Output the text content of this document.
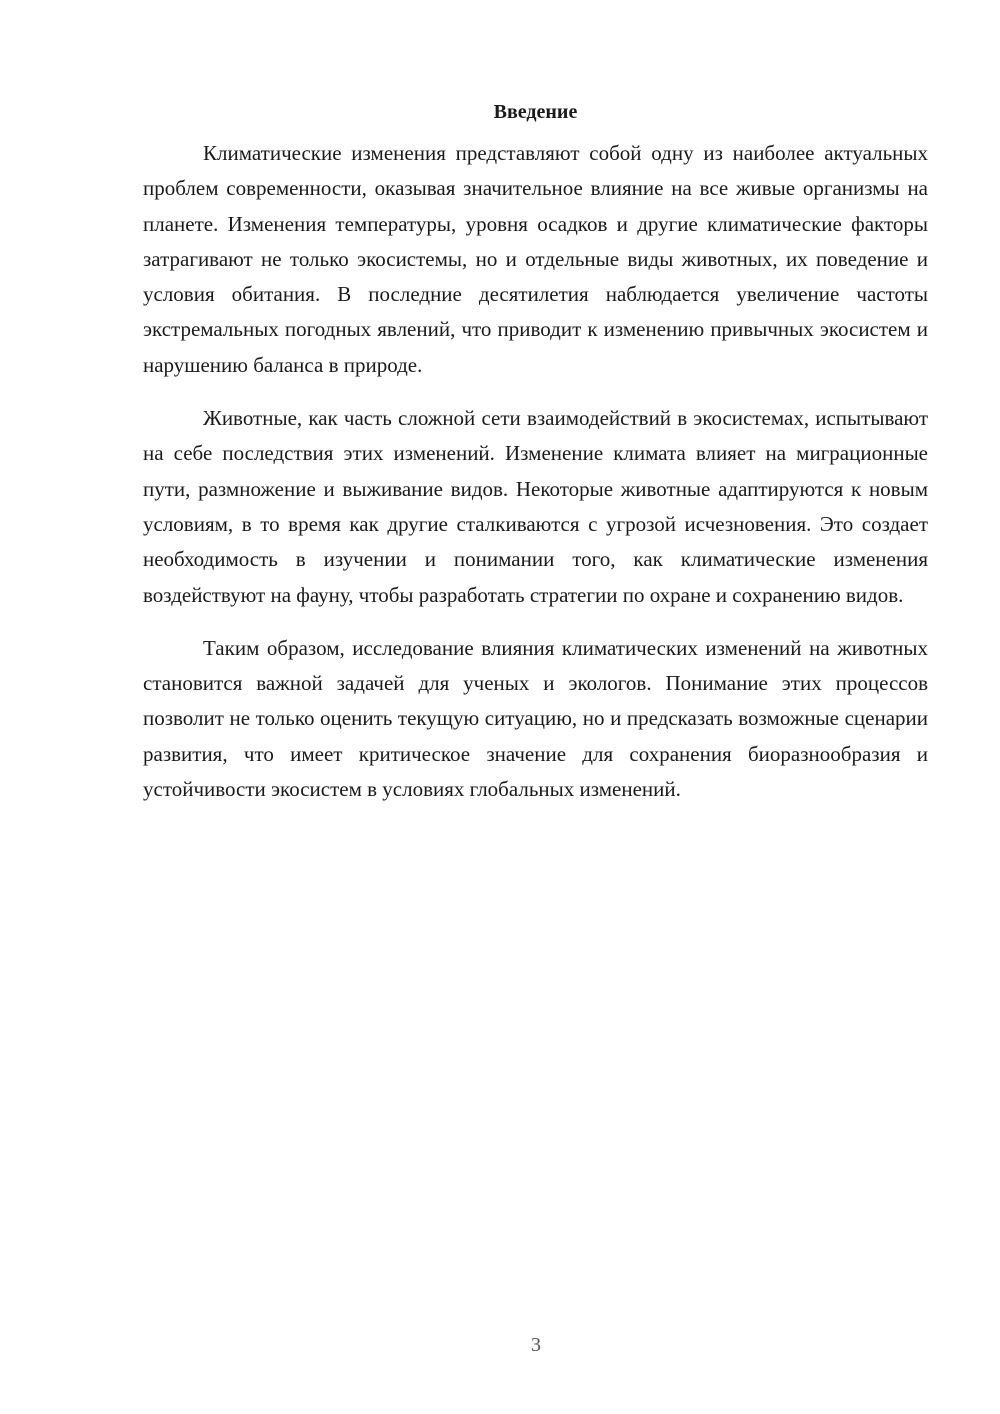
Введение

Климатические изменения представляют собой одну из наиболее актуальных проблем современности, оказывая значительное влияние на все живые организмы на планете. Изменения температуры, уровня осадков и другие климатические факторы затрагивают не только экосистемы, но и отдельные виды животных, их поведение и условия обитания. В последние десятилетия наблюдается увеличение частоты экстремальных погодных явлений, что приводит к изменению привычных экосистем и нарушению баланса в природе.

Животные, как часть сложной сети взаимодействий в экосистемах, испытывают на себе последствия этих изменений. Изменение климата влияет на миграционные пути, размножение и выживание видов. Некоторые животные адаптируются к новым условиям, в то время как другие сталкиваются с угрозой исчезновения. Это создает необходимость в изучении и понимании того, как климатические изменения воздействуют на фауну, чтобы разработать стратегии по охране и сохранению видов.

Таким образом, исследование влияния климатических изменений на животных становится важной задачей для ученых и экологов. Понимание этих процессов позволит не только оценить текущую ситуацию, но и предсказать возможные сценарии развития, что имеет критическое значение для сохранения биоразнообразия и устойчивости экосистем в условиях глобальных изменений.

3
